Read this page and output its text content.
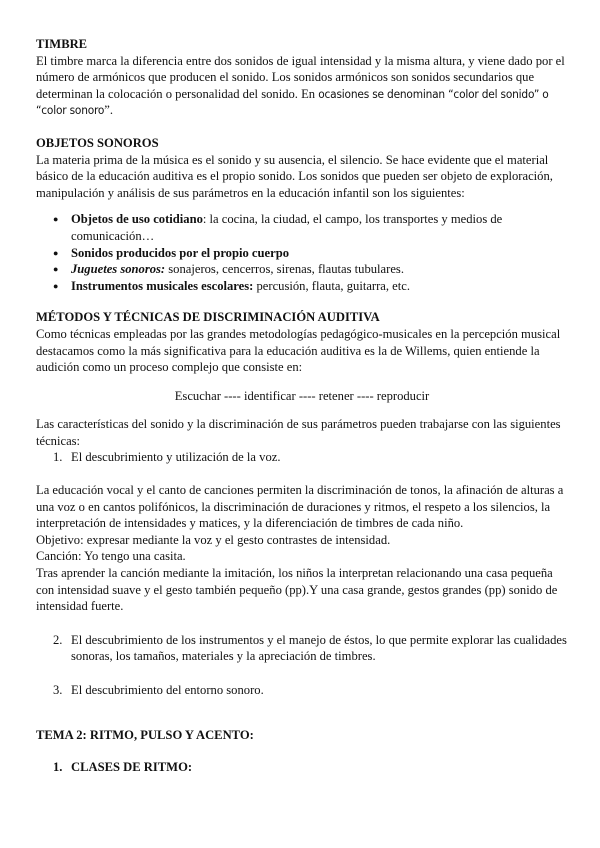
TIMBRE

El timbre marca la diferencia entre dos sonidos de igual intensidad y la misma altura, y viene dado por el número de armónicos que producen el sonido. Los sonidos armónicos son sonidos secundarios que determinan la colocación o personalidad del sonido. En ocasiones se denominan “color del sonido” o “color sonoro”.

OBJETOS SONOROS

La materia prima de la música es el sonido y su ausencia, el silencio. Se hace evidente que el material básico de la educación auditiva es el propio sonido. Los sonidos que pueden ser objeto de exploración, manipulación y análisis de sus parámetros en la educación infantil son los siguientes:

● Objetos de uso cotidiano: la cocina, la ciudad, el campo, los transportes y medios de comunicación…
● Sonidos producidos por el propio cuerpo
● Juguetes sonoros: sonajeros, cencerros, sirenas, flautas tubulares.
● Instrumentos musicales escolares: percusión, flauta, guitarra, etc.

MÉTODOS Y TÉCNICAS DE DISCRIMINACIÓN AUDITIVA

Como técnicas empleadas por las grandes metodologías pedagógico-musicales en la percepción musical destacamos como la más significativa para la educación auditiva es la de Willems, quien entiende la audición como un proceso complejo que consiste en:

Escuchar ---- identificar ---- retener ---- reproducir

Las características del sonido y la discriminación de sus parámetros pueden trabajarse con las siguientes técnicas:

1. El descubrimiento y utilización de la voz.

La educación vocal y el canto de canciones permiten la discriminación de tonos, la afinación de alturas a una voz o en cantos polifónicos, la discriminación de duraciones y ritmos, el respeto a los silencios, la interpretación de intensidades y matices, y la diferenciación de timbres de cada niño.

Objetivo: expresar mediante la voz y el gesto contrastes de intensidad.

Canción: Yo tengo una casita.

Tras aprender la canción mediante la imitación, los niños la interpretan relacionando una casa pequeña con intensidad suave y el gesto también pequeño (pp).Y una casa grande, gestos grandes (pp) sonido de intensidad fuerte.

2. El descubrimiento de los instrumentos y el manejo de éstos, lo que permite explorar las cualidades sonoras, los tamaños, materiales y la apreciación de timbres.

3. El descubrimiento del entorno sonoro.

TEMA 2: RITMO, PULSO Y ACENTO:

1. CLASES DE RITMO:
